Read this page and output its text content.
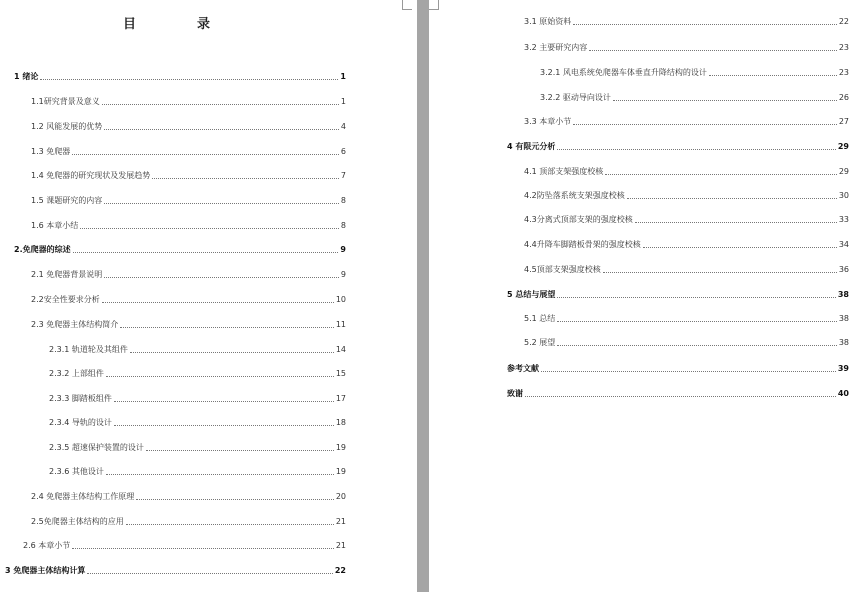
目　录
1 绪论	1
1.1研究背景及意义	1
1.2 风能发展的优势	4
1.3 免爬器	6
1.4 免爬器的研究现状及发展趋势	7
1.5 课题研究的内容	8
1.6 本章小结	8
2.免爬器的综述	9
2.1 免爬器背景说明	9
2.2安全性要求分析	10
2.3 免爬器主体结构简介	11
2.3.1 轨道轮及其组件	14
2.3.2 上部组件	15
2.3.3 脚踏板组件	17
2.3.4 导轨的设计	18
2.3.5 超速保护装置的设计	19
2.3.6 其他设计	19
2.4 免爬器主体结构工作原理	20
2.5免爬器主体结构的应用	21
2.6 本章小节	21
3 免爬器主体结构计算	22
3.1 原始资料	22
3.2 主要研究内容	23
3.2.1 风电系统免爬器车体垂直升降结构的设计	23
3.2.2 驱动导向设计	26
3.3 本章小节	27
4 有限元分析	29
4.1 顶部支架强度校核	29
4.2防坠落系统支架强度校核	30
4.3分离式顶部支架的强度校核	33
4.4升降车脚踏板骨架的强度校核	34
4.5顶部支架强度校核	36
5 总结与展望	38
5.1 总结	38
5.2 展望	38
参考文献	39
致谢	40
